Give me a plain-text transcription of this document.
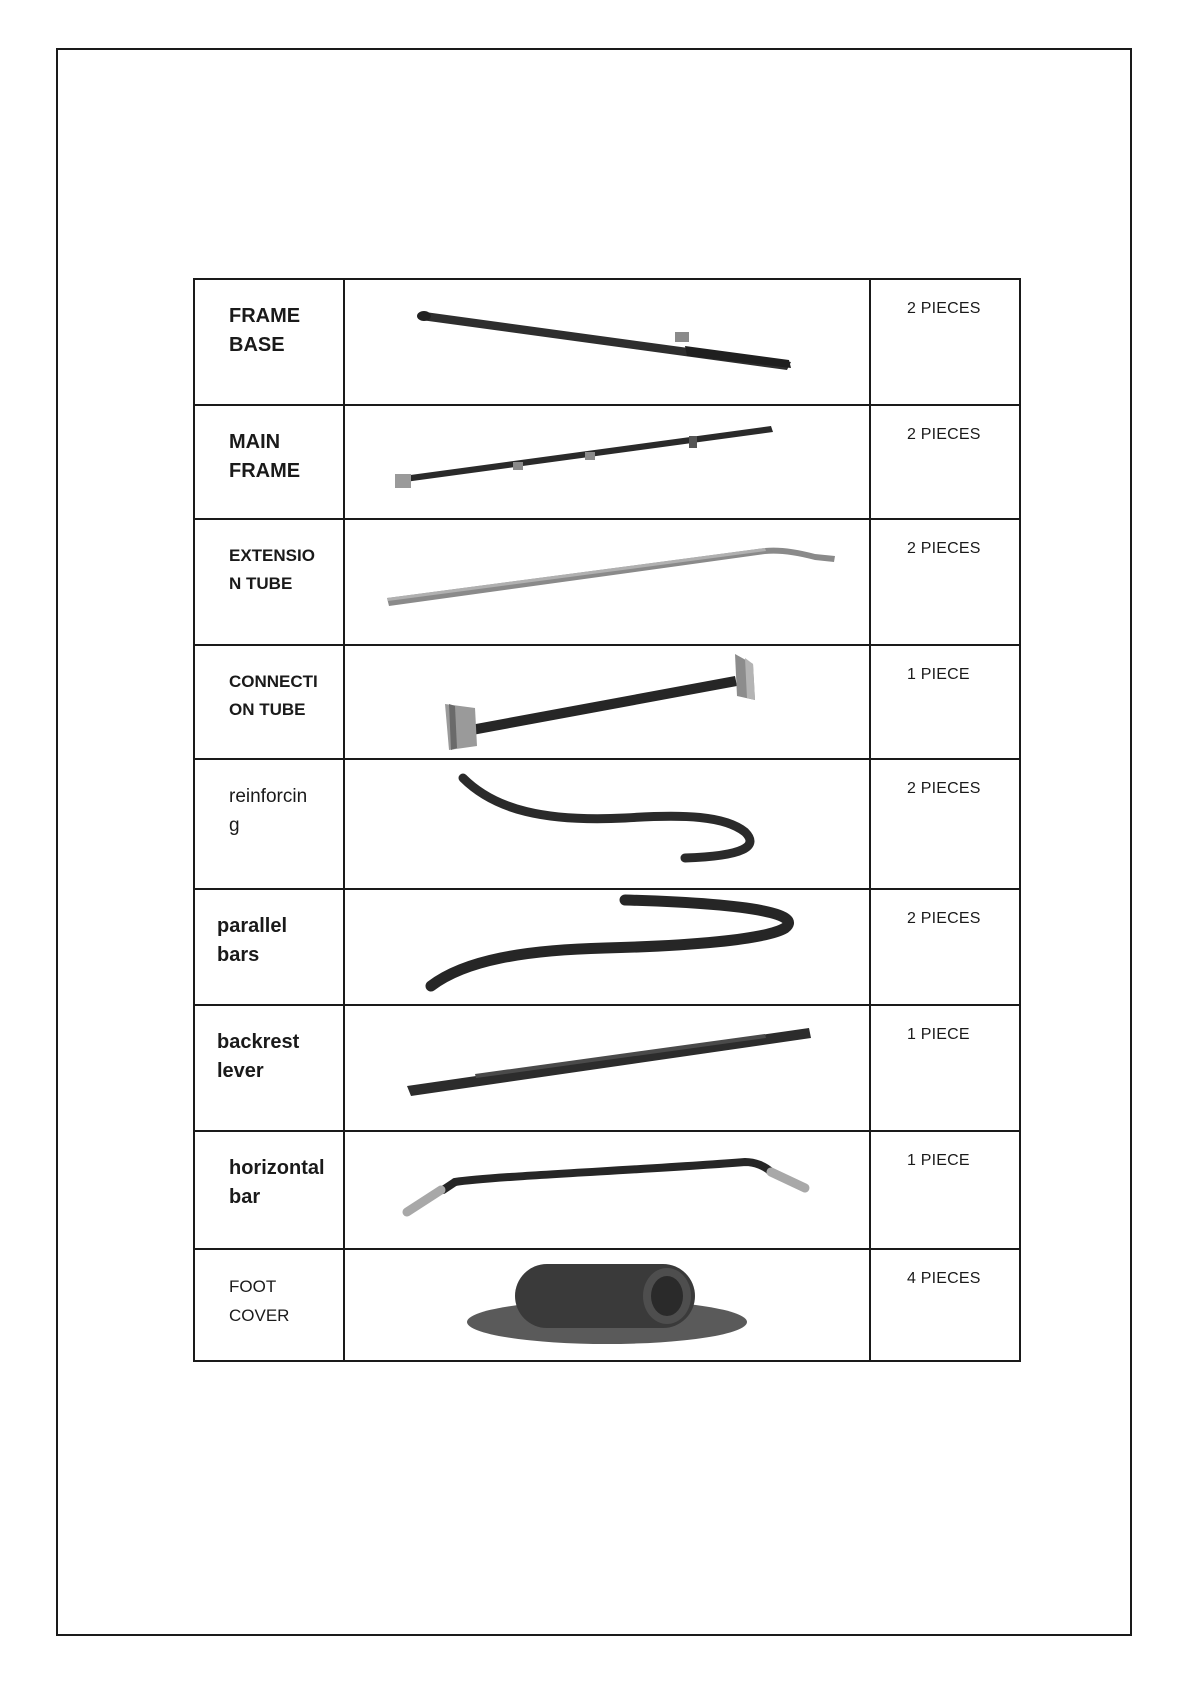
FRAME
BASE		2 PIECES

MAIN
FRAME		2 PIECES

EXTENSIO
N TUBE		2 PIECES

CONNECTI
ON TUBE		1 PIECE

reinforcin
g		2 PIECES

parallel
bars		2 PIECES

backrest
lever		1 PIECE

horizontal
bar		1 PIECE

FOOT
COVER		4 PIECES
